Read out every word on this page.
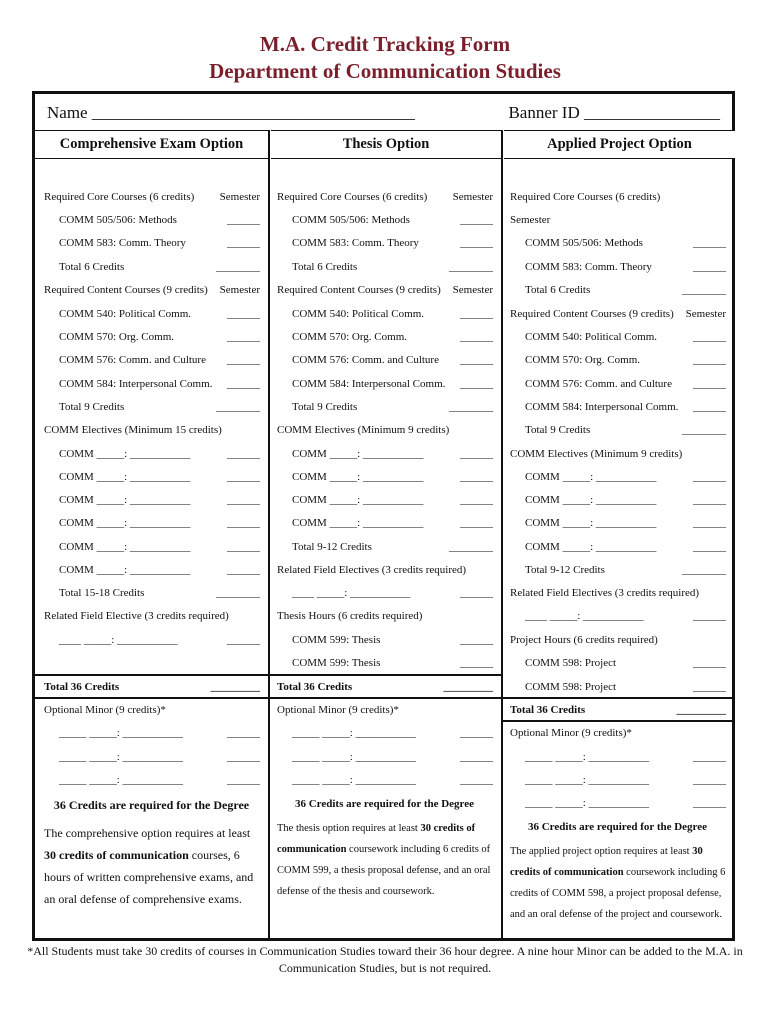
M.A. Credit Tracking Form
Department of Communication Studies
Name ______________________________________	Banner ID ________________
Comprehensive Exam Option
Required Core Courses (6 credits) Semester
COMM 505/506: Methods	______
COMM 583: Comm. Theory	______
Total 6 Credits	________
Required Content Courses (9 credits) Semester
COMM 540: Political Comm.	______
COMM 570: Org. Comm.	______
COMM 576: Comm. and Culture ______
COMM 584: Interpersonal Comm. ______
Total 9 Credits	________
COMM Electives (Minimum 15 credits)
COMM _____: ___________	______
COMM _____: ___________	______
COMM _____: ___________	______
COMM _____: ___________	______
COMM _____: ___________	______
COMM _____: ___________	______
Total 15-18 Credits	________
Related Field Elective (3 credits required)
____ _____: ___________	______
Total 36 Credits	_________
Optional Minor (9 credits)*
_____ _____: ___________	______
_____ _____: ___________	______
_____ _____: ___________	______
36 Credits are required for the Degree
The comprehensive option requires at least 30 credits of communication courses, 6 hours of written comprehensive exams, and an oral defense of comprehensive exams.
Thesis Option
Required Core Courses (6 credits) Semester
COMM 505/506: Methods	______
COMM 583: Comm. Theory	______
Total 6 Credits	________
Required Content Courses (9 credits) Semester
COMM 540: Political Comm.	______
COMM 570: Org. Comm.	______
COMM 576: Comm. and Culture ______
COMM 584: Interpersonal Comm. ______
Total 9 Credits	________
COMM Electives (Minimum 9 credits)
COMM _____: ___________	______
COMM _____: ___________	______
COMM _____: ___________	______
COMM _____: ___________	______
Total 9-12 Credits	________
Related Field Electives (3 credits required)
____ _____: ___________	______
Thesis Hours (6 credits required)
COMM 599: Thesis	______
COMM 599: Thesis	______
Total 36 Credits	_________
Optional Minor (9 credits)*
_____ _____: ___________	______
_____ _____: ___________	______
_____ _____: ___________	______
36 Credits are required for the Degree
The thesis option requires at least 30 credits of communication coursework including 6 credits of COMM 599, a thesis proposal defense, and an oral defense of the thesis and coursework.
Applied Project Option
Required Core Courses (6 credits)
Semester
COMM 505/506: Methods	______
COMM 583: Comm. Theory	______
Total 6 Credits	________
Required Content Courses (9 credits) Semester
COMM 540: Political Comm.	______
COMM 570: Org. Comm.	______
COMM 576: Comm. and Culture ______
COMM 584: Interpersonal Comm. ______
Total 9 Credits	________
COMM Electives (Minimum 9 credits)
COMM _____: ___________	______
COMM _____: ___________	______
COMM _____: ___________	______
COMM _____: ___________	______
Total 9-12 Credits	________
Related Field Electives (3 credits required)
____ _____: ___________	______
Project Hours (6 credits required)
COMM 598: Project	______
COMM 598: Project	______
Total 36 Credits	_________
Optional Minor (9 credits)*
_____ _____: ___________	______
_____ _____: ___________	______
_____ _____: ___________	______
36 Credits are required for the Degree
The applied project option requires at least 30 credits of communication coursework including 6 credits of COMM 598, a project proposal defense, and an oral defense of the project and coursework.
*All Students must take 30 credits of courses in Communication Studies toward their 36 hour degree. A nine hour Minor can be added to the M.A. in Communication Studies, but is not required.
